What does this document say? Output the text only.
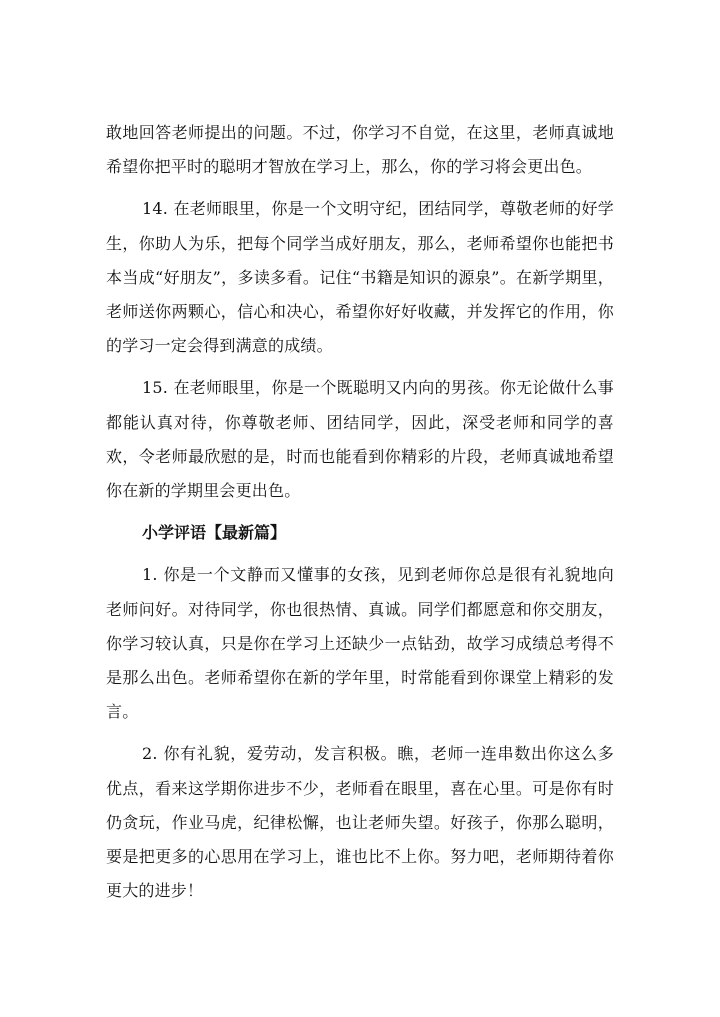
敢地回答老师提出的问题。不过，你学习不自觉，在这里，老师真诚地希望你把平时的聪明才智放在学习上，那么，你的学习将会更出色。

14. 在老师眼里，你是一个文明守纪，团结同学，尊敬老师的好学生，你助人为乐，把每个同学当成好朋友，那么，老师希望你也能把书本当成“好朋友”，多读多看。记住“书籍是知识的源泉”。在新学期里，老师送你两颗心，信心和决心，希望你好好收藏，并发挥它的作用，你的学习一定会得到满意的成绩。

15. 在老师眼里，你是一个既聪明又内向的男孩。你无论做什么事都能认真对待，你尊敬老师、团结同学，因此，深受老师和同学的喜欢，令老师最欣慰的是，时而也能看到你精彩的片段，老师真诚地希望你在新的学期里会更出色。

小学评语【最新篇】

1. 你是一个文静而又懂事的女孩，见到老师你总是很有礼貌地向老师问好。对待同学，你也很热情、真诚。同学们都愿意和你交朋友，你学习较认真，只是你在学习上还缺少一点钻劲，故学习成绩总考得不是那么出色。老师希望你在新的学年里，时常能看到你课堂上精彩的发言。

2. 你有礼貌，爱劳动，发言积极。瞧，老师一连串数出你这么多优点，看来这学期你进步不少，老师看在眼里，喜在心里。可是你有时仍贪玩，作业马虎，纪律松懈，也让老师失望。好孩子，你那么聪明，要是把更多的心思用在学习上，谁也比不上你。努力吧，老师期待着你更大的进步！
